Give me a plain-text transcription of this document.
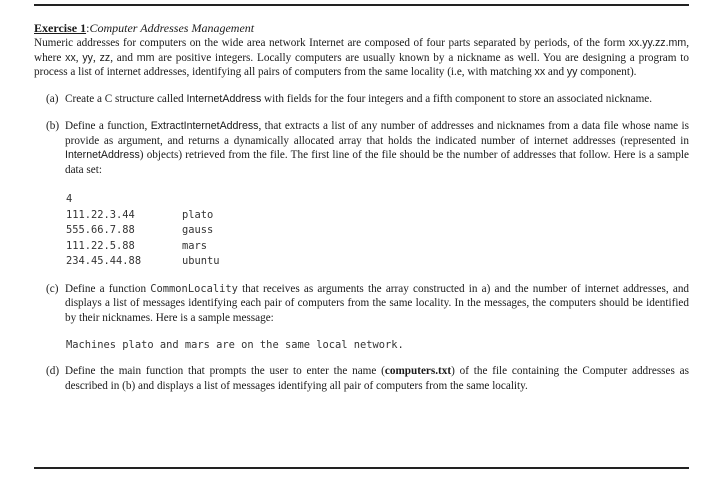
Exercise 1:Computer Addresses Management

Numeric addresses for computers on the wide area network Internet are composed of four parts separated by periods, of the form xx.yy.zz.mm, where xx, yy, zz, and mm are positive integers. Locally computers are usually known by a nickname as well. You are designing a program to process a list of internet addresses, identifying all pairs of computers from the same locality (i.e, with matching xx and yy component).

(a) Create a C structure called InternetAddress with fields for the four integers and a fifth component to store an associated nickname.
(b) Define a function, ExtractInternetAddress, that extracts a list of any number of addresses and nicknames from a data file whose name is provide as argument, and returns a dynamically allocated array that holds the indicated number of internet addresses (represented in InternetAddress) objects) retrieved from the file. The first line of the file should be the number of addresses that follow. Here is a sample data set:
4
111.22.3.44	plato
555.66.7.88	gauss
111.22.5.88	mars
234.45.44.88	ubuntu
(c) Define a function CommonLocality that receives as arguments the array constructed in a) and the number of internet addresses, and displays a list of messages identifying each pair of computers from the same locality. In the messages, the computers should be identified by their nicknames. Here is a sample message:
Machines plato and mars are on the same local network.
(d) Define the main function that prompts the user to enter the name (computers.txt) of the file containing the Computer addresses as described in (b) and displays a list of messages identifying all pair of computers from the same locality.
